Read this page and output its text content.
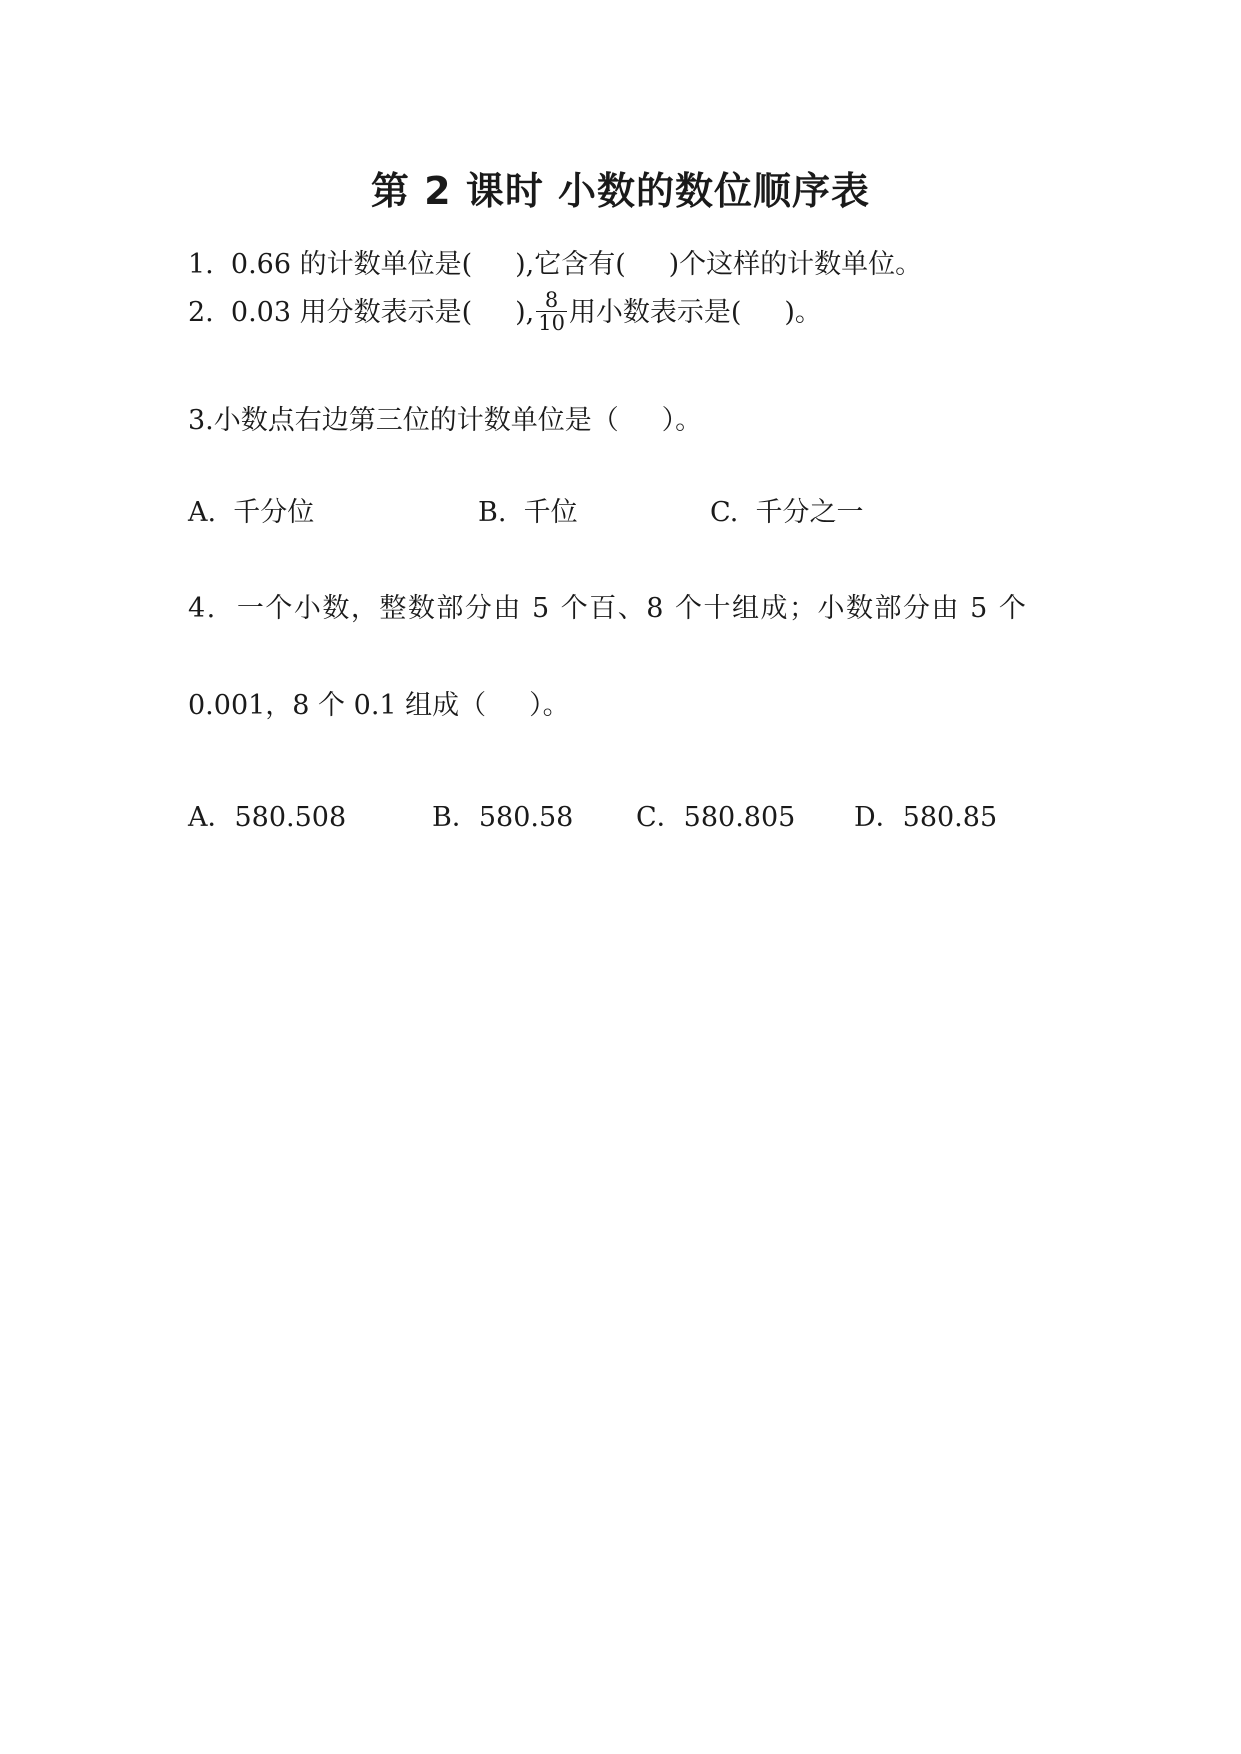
第 2 课时 小数的数位顺序表
1.  0.66 的计数单位是(     ),它含有(     )个这样的计数单位。
2.  0.03 用分数表示是(     ), $\frac{8}{10}$ 用小数表示是(     )。
3.小数点右边第三位的计数单位是（     ）。
A.  千分位	B.  千位	C.  千分之一
4.  一个小数，整数部分由 5 个百、8 个十组成；小数部分由 5 个
0.001，8 个 0.1 组成（     ）。
A．580.508	B．580.58 C．580.805 D．580.85
